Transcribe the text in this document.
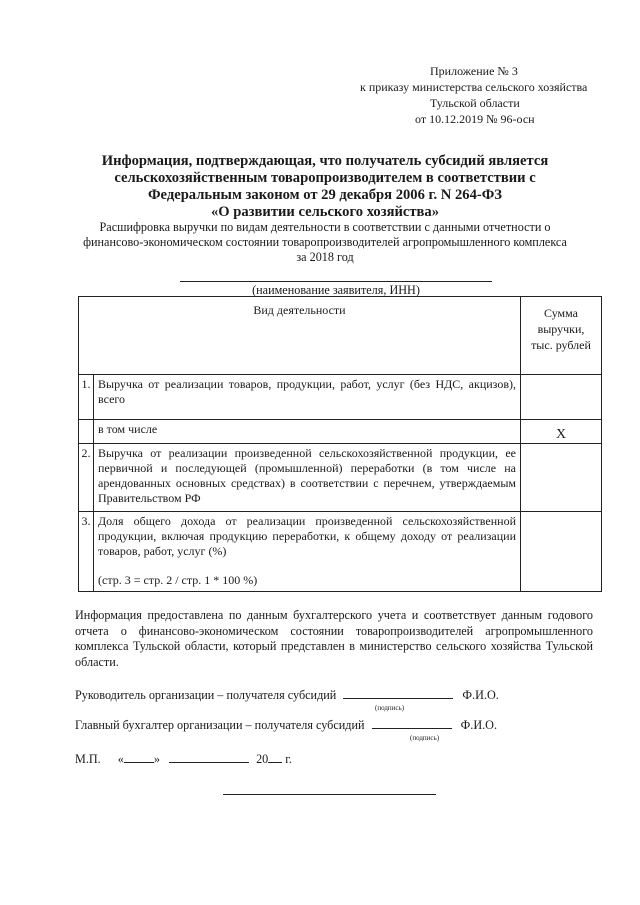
Приложение № 3
к приказу министерства сельского хозяйства
Тульской области
от 10.12.2019 № 96-осн
Информация, подтверждающая, что получатель субсидий является
сельскохозяйственным товаропроизводителем в соответствии с
Федеральным законом от 29 декабря 2006 г. N 264-ФЗ
«О развитии сельского хозяйства»
Расшифровка выручки по видам деятельности в соответствии с данными отчетности о
финансово-экономическом состоянии товаропроизводителей агропромышленного комплекса
за 2018 год
(наименование заявителя, ИНН)
Вид деятельности		Сумма
выручки,
тыс. рублей

1.	Выручка от реализации товаров, продукции, работ, услуг (без НДС, акцизов), всего	
	в том числе	X
2.	Выручка от реализации произведенной сельскохозяйственной продукции, ее первичной и последующей (промышленной) переработки (в том числе на арендованных основных средствах) в соответствии с перечнем, утверждаемым Правительством РФ	
3.	Доля общего дохода от реализации произведенной сельскохозяйственной продукции, включая продукцию переработки, к общему доходу от реализации товаров, работ, услуг (%)
(стр. 3 = стр. 2 / стр. 1 * 100 %)	

Информация предоставлена по данным бухгалтерского учета и соответствует данным годового отчета о финансово-экономическом состоянии товаропроизводителей агропромышленного комплекса Тульской области, который представлен в министерство сельского хозяйства Тульской области.
Руководитель организации – получателя субсидий	Ф.И.О.
(подпись)
Главный бухгалтер организации – получателя субсидий	Ф.И.О.
(подпись)
М.П. « »	20 г.
